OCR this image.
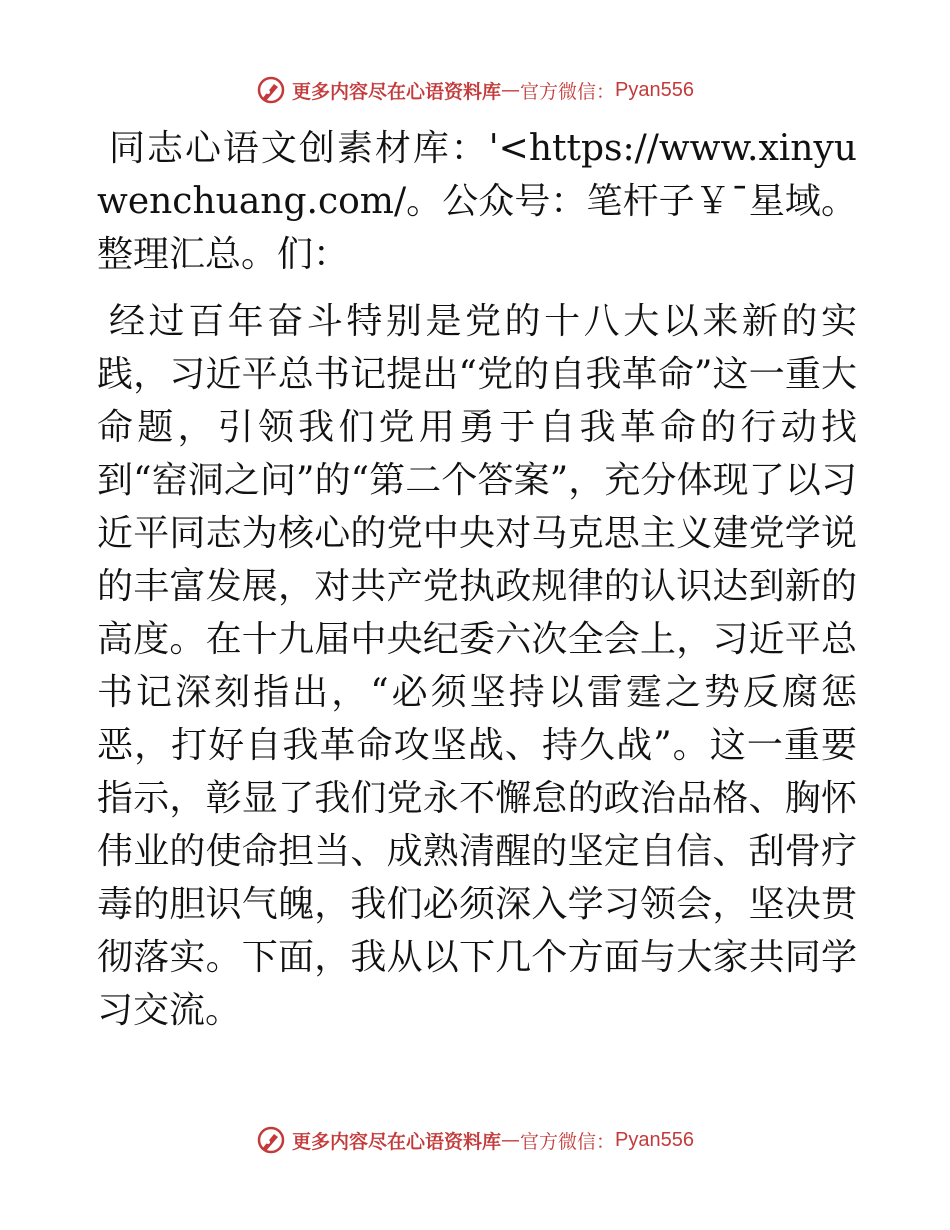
更多内容尽在心语资料库 — 官方微信： Pyan556

同志心语文创素材库：'<https://www.xinyuwenchuang.com/。公众号：笔杆子￥¯星域。整理汇总。们：

经过百年奋斗特别是党的十八大以来新的实践，习近平总书记提出“党的自我革命”这一重大命题，引领我们党用勇于自我革命的行动找到“窑洞之问”的“第二个答案”，充分体现了以习近平同志为核心的党中央对马克思主义建党学说的丰富发展，对共产党执政规律的认识达到新的高度。在十九届中央纪委六次全会上，习近平总书记深刻指出，“必须坚持以雷霆之势反腐惩恶，打好自我革命攻坚战、持久战”。这一重要指示，彰显了我们党永不懈怠的政治品格、胸怀伟业的使命担当、成熟清醒的坚定自信、刮骨疗毒的胆识气魄，我们必须深入学习领会，坚决贯彻落实。下面，我从以下几个方面与大家共同学习交流。

更多内容尽在心语资料库 — 官方微信： Pyan556
